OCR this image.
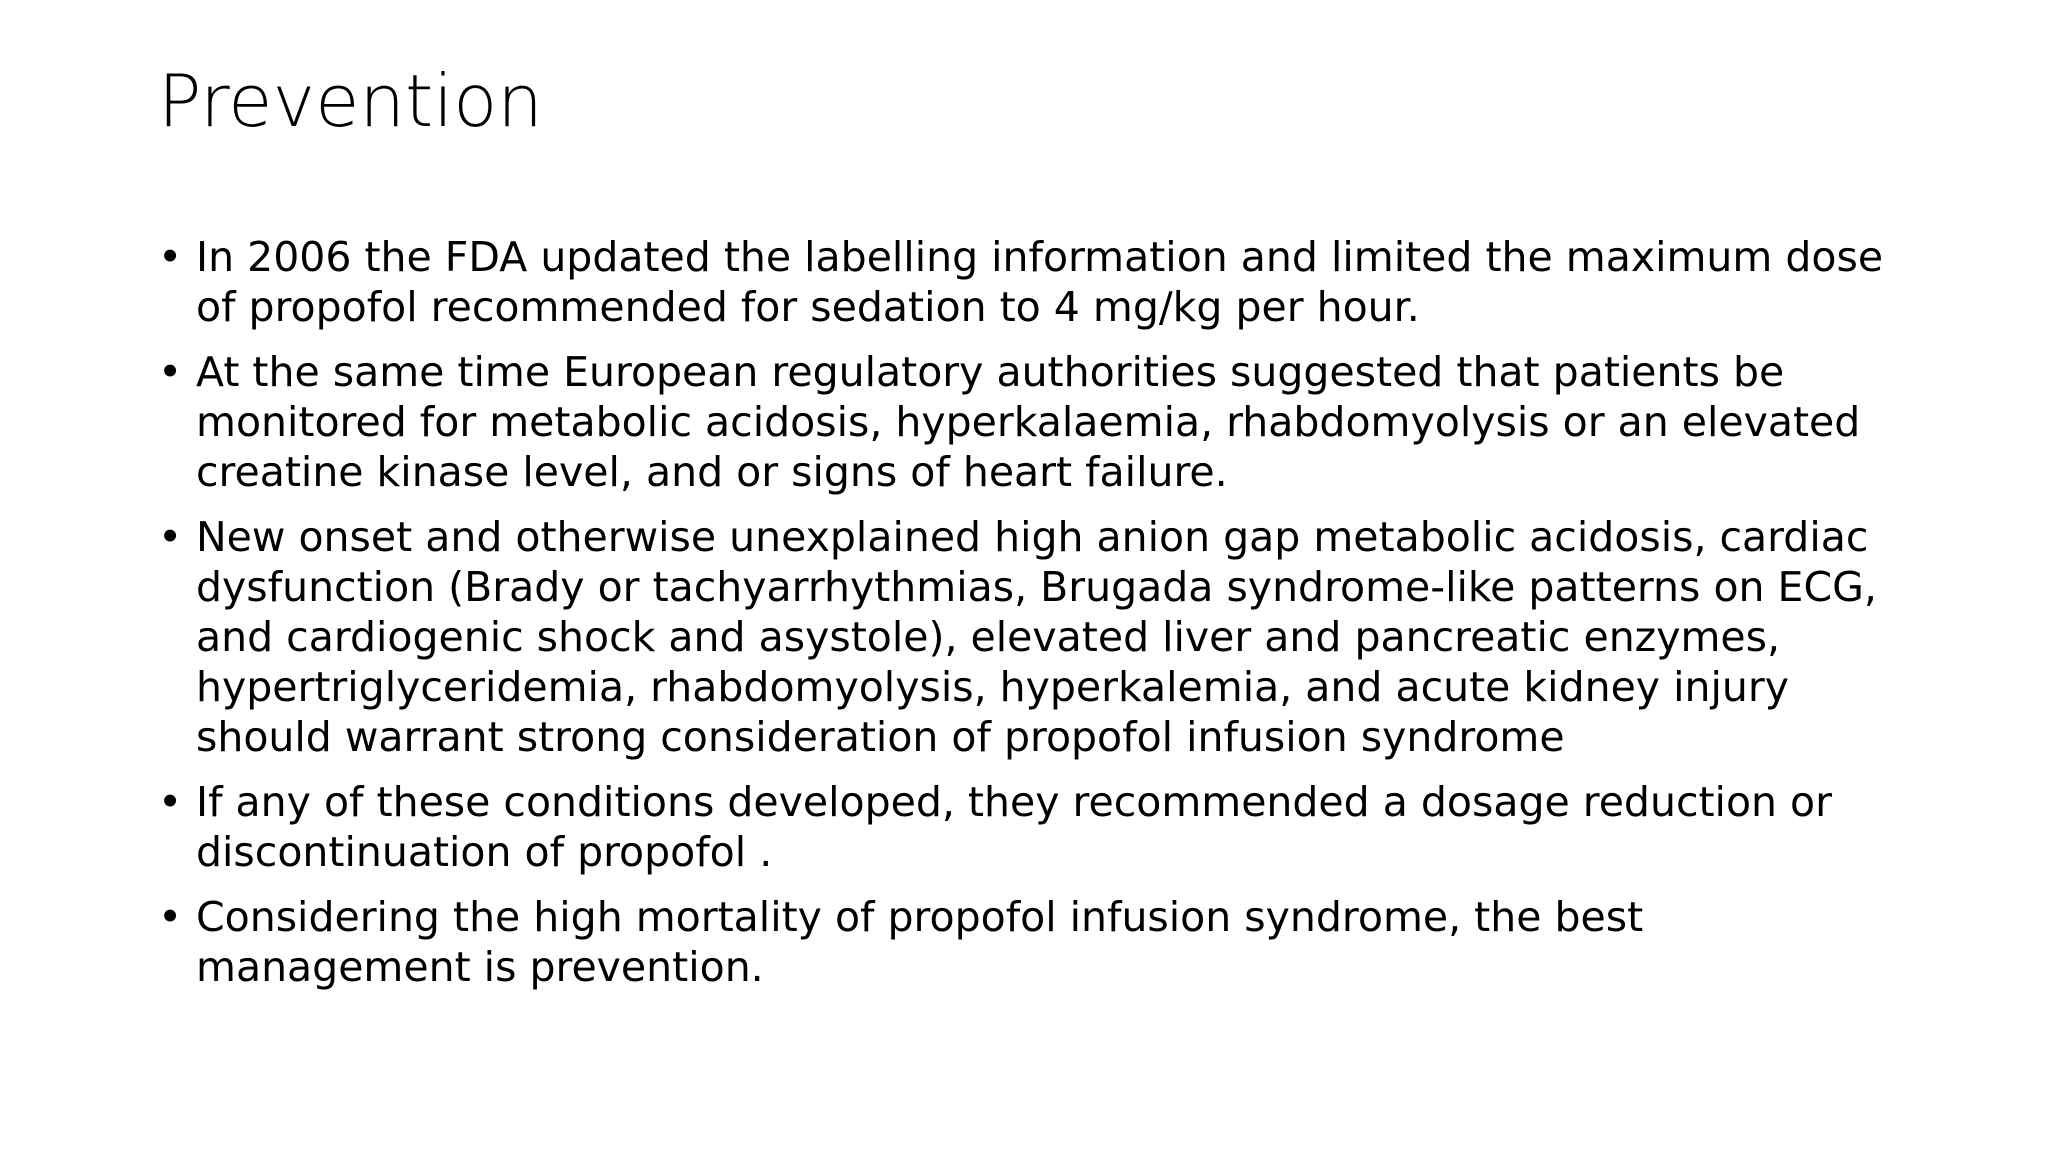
Prevention
• In 2006 the FDA updated the labelling information and limited the maximum dose of propofol recommended for sedation to 4 mg/kg per hour.
• At the same time European regulatory authorities suggested that patients be monitored for metabolic acidosis, hyperkalaemia, rhabdomyolysis or an elevated creatine kinase level, and or signs of heart failure.
• New onset and otherwise unexplained high anion gap metabolic acidosis, cardiac dysfunction (Brady or tachyarrhythmias, Brugada syndrome-like patterns on ECG, and cardiogenic shock and asystole), elevated liver and pancreatic enzymes, hypertriglyceridemia, rhabdomyolysis, hyperkalemia, and acute kidney injury should warrant strong consideration of propofol infusion syndrome
• If any of these conditions developed, they recommended a dosage reduction or discontinuation of propofol .
• Considering the high mortality of propofol infusion syndrome, the best management is prevention.
